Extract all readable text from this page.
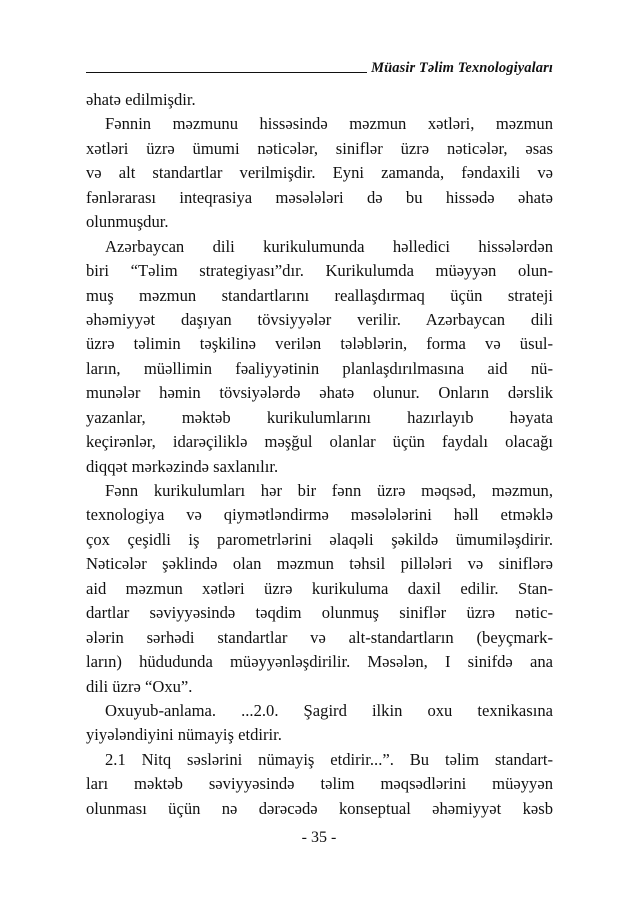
Müasir Təlim Texnologiyaları
əhatə edilmişdir.
Fənnin məzmunu hissəsində məzmun xətləri, məzmun
xətləri üzrə ümumi nəticələr, siniflər üzrə nəticələr, əsas
və alt standartlar verilmişdir. Eyni zamanda, fəndaxili və
fənlərarası inteqrasiya məsələləri də bu hissədə əhatə
olunmuşdur.
Azərbaycan dili kurikulumunda həlledici hissələrdən
biri “Təlim strategiyası”dır. Kurikulumda müəyyən olun-
muş məzmun standartlarını reallaşdırmaq üçün strateji
əhəmiyyət daşıyan tövsiyyələr verilir. Azərbaycan dili
üzrə təlimin təşkilinə verilən tələblərin, forma və üsul-
ların, müəllimin fəaliyyətinin planlaşdırılmasına aid nü-
munələr həmin tövsiyələrdə əhatə olunur. Onların dərslik
yazanlar, məktəb kurikulumlarını hazırlayıb həyata
keçirənlər, idarəçiliklə məşğul olanlar üçün faydalı olacağı
diqqət mərkəzində saxlanılır.
Fənn kurikulumları hər bir fənn üzrə məqsəd, məzmun,
texnologiya və qiymətləndirmə məsələlərini həll etməklə
çox çeşidli iş parometrlərini əlaqəli şəkildə ümumiləşdirir.
Nəticələr şəklində olan məzmun təhsil pillələri və siniflərə
aid məzmun xətləri üzrə kurikuluma daxil edilir. Stan-
dartlar səviyyəsində təqdim olunmuş siniflər üzrə nətic-
ələrin sərhədi standartlar və alt-standartların (beyçmark-
ların) hüdudunda müəyyənləşdirilir. Məsələn, I sinifdə ana
dili üzrə “Oxu”.
Oxuyub-anlama. ...2.0. Şagird ilkin oxu texnikasına
yiyələndiyini nümayiş etdirir.
2.1 Nitq səslərini nümayiş etdirir...”. Bu təlim standart-
ları məktəb səviyyəsində təlim məqsədlərini müəyyən
olunması üçün nə dərəcədə konseptual əhəmiyyət kəsb
- 35 -
